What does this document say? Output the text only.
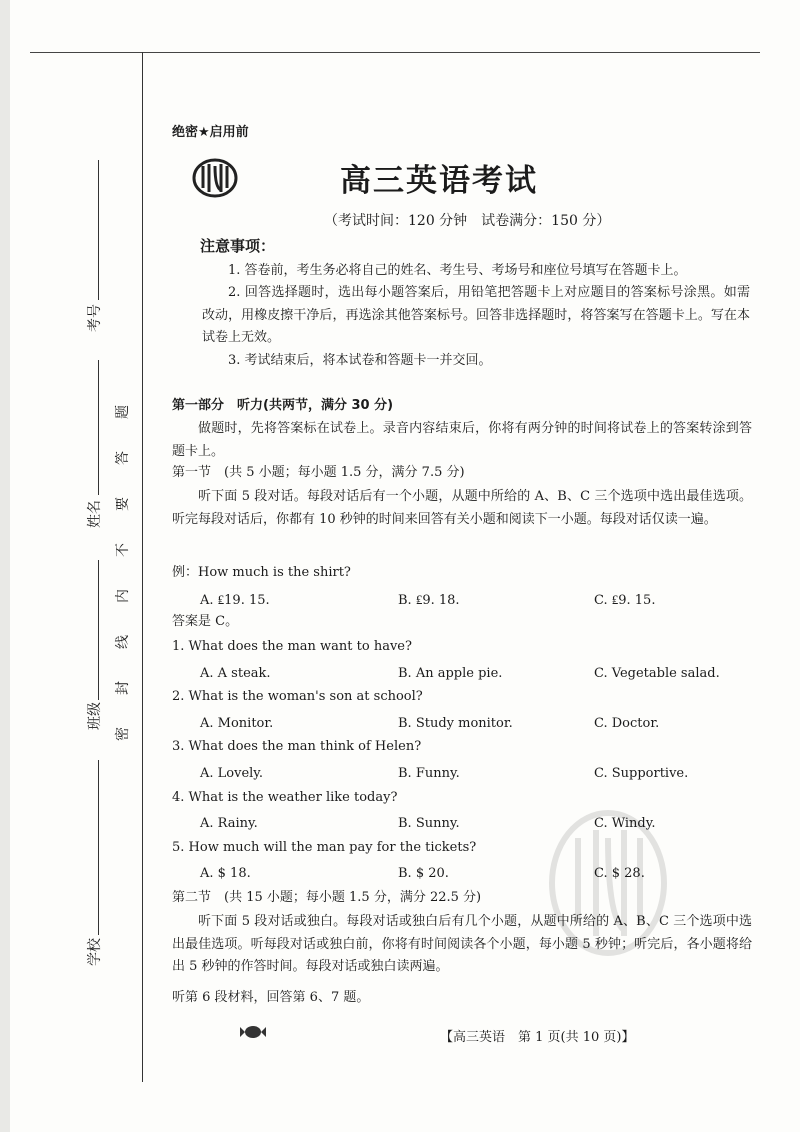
考号
姓名
班级
学校
密
封
线
内
不
要
答
题
绝密★启用前
高三英语考试
（考试时间：120 分钟　试卷满分：150 分）
注意事项：
1. 答卷前，考生务必将自己的姓名、考生号、考场号和座位号填写在答题卡上。
2. 回答选择题时，选出每小题答案后，用铅笔把答题卡上对应题目的答案标号涂黑。如需改动，用橡皮擦干净后，再选涂其他答案标号。回答非选择题时，将答案写在答题卡上。写在本试卷上无效。
3. 考试结束后，将本试卷和答题卡一并交回。
第一部分　听力(共两节，满分 30 分)
做题时，先将答案标在试卷上。录音内容结束后，你将有两分钟的时间将试卷上的答案转涂到答题卡上。
第一节　(共 5 小题；每小题 1.5 分，满分 7.5 分)
听下面 5 段对话。每段对话后有一个小题，从题中所给的 A、B、C 三个选项中选出最佳选项。听完每段对话后，你都有 10 秒钟的时间来回答有关小题和阅读下一小题。每段对话仅读一遍。
例：How much is the shirt?
A. ₤19. 15.	B. ₤9. 18.	C. ₤9. 15.
答案是 C。
1. What does the man want to have?
A. A steak.	B. An apple pie.	C. Vegetable salad.
2. What is the woman's son at school?
A. Monitor.	B. Study monitor.	C. Doctor.
3. What does the man think of Helen?
A. Lovely.	B. Funny.	C. Supportive.
4. What is the weather like today?
A. Rainy.	B. Sunny.	C. Windy.
5. How much will the man pay for the tickets?
A. $ 18.	B. $ 20.	C. $ 28.
第二节　(共 15 小题；每小题 1.5 分，满分 22.5 分)
听下面 5 段对话或独白。每段对话或独白后有几个小题，从题中所给的 A、B、C 三个选项中选出最佳选项。听每段对话或独白前，你将有时间阅读各个小题，每小题 5 秒钟；听完后，各小题将给出 5 秒钟的作答时间。每段对话或独白读两遍。
听第 6 段材料，回答第 6、7 题。
【高三英语　第 1 页(共 10 页)】
